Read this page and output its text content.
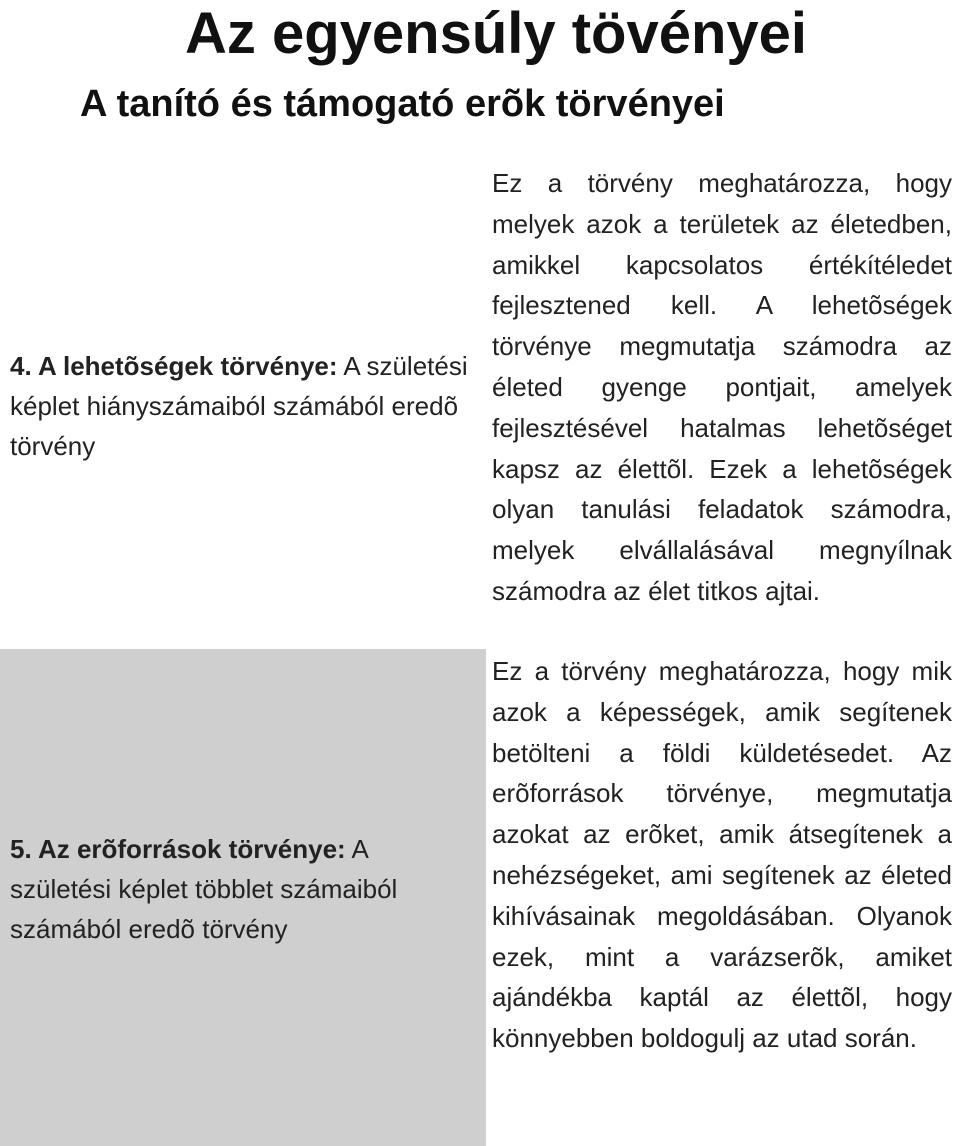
Az egyensúly tövényei
A tanító és támogató erõk törvényei
4. A lehetõségek törvénye: A születési képlet hiányszámaiból számából eredõ törvény

Ez a törvény meghatározza, hogy melyek azok a területek az életedben, amikkel kapcsolatos értékítéledet fejlesztened kell. A lehetõségek törvénye megmutatja számodra az életed gyenge pontjait, amelyek fejlesztésével hatalmas lehetõséget kapsz az élettõl. Ezek a lehetõségek olyan tanulási feladatok számodra, melyek elvállalásával megnyílnak számodra az élet titkos ajtai.

5. Az erõforrások törvénye: A születési képlet többlet számaiból számából eredõ törvény

Ez a törvény meghatározza, hogy mik azok a képességek, amik segítenek betölteni a földi küldetésedet. Az erõforrások törvénye, megmutatja azokat az erõket, amik átsegítenek a nehézségeket, ami segítenek az életed kihívásainak megoldásában. Olyanok ezek, mint a varázserõk, amiket ajándékba kaptál az élettõl, hogy könnyebben boldogulj az utad során.
